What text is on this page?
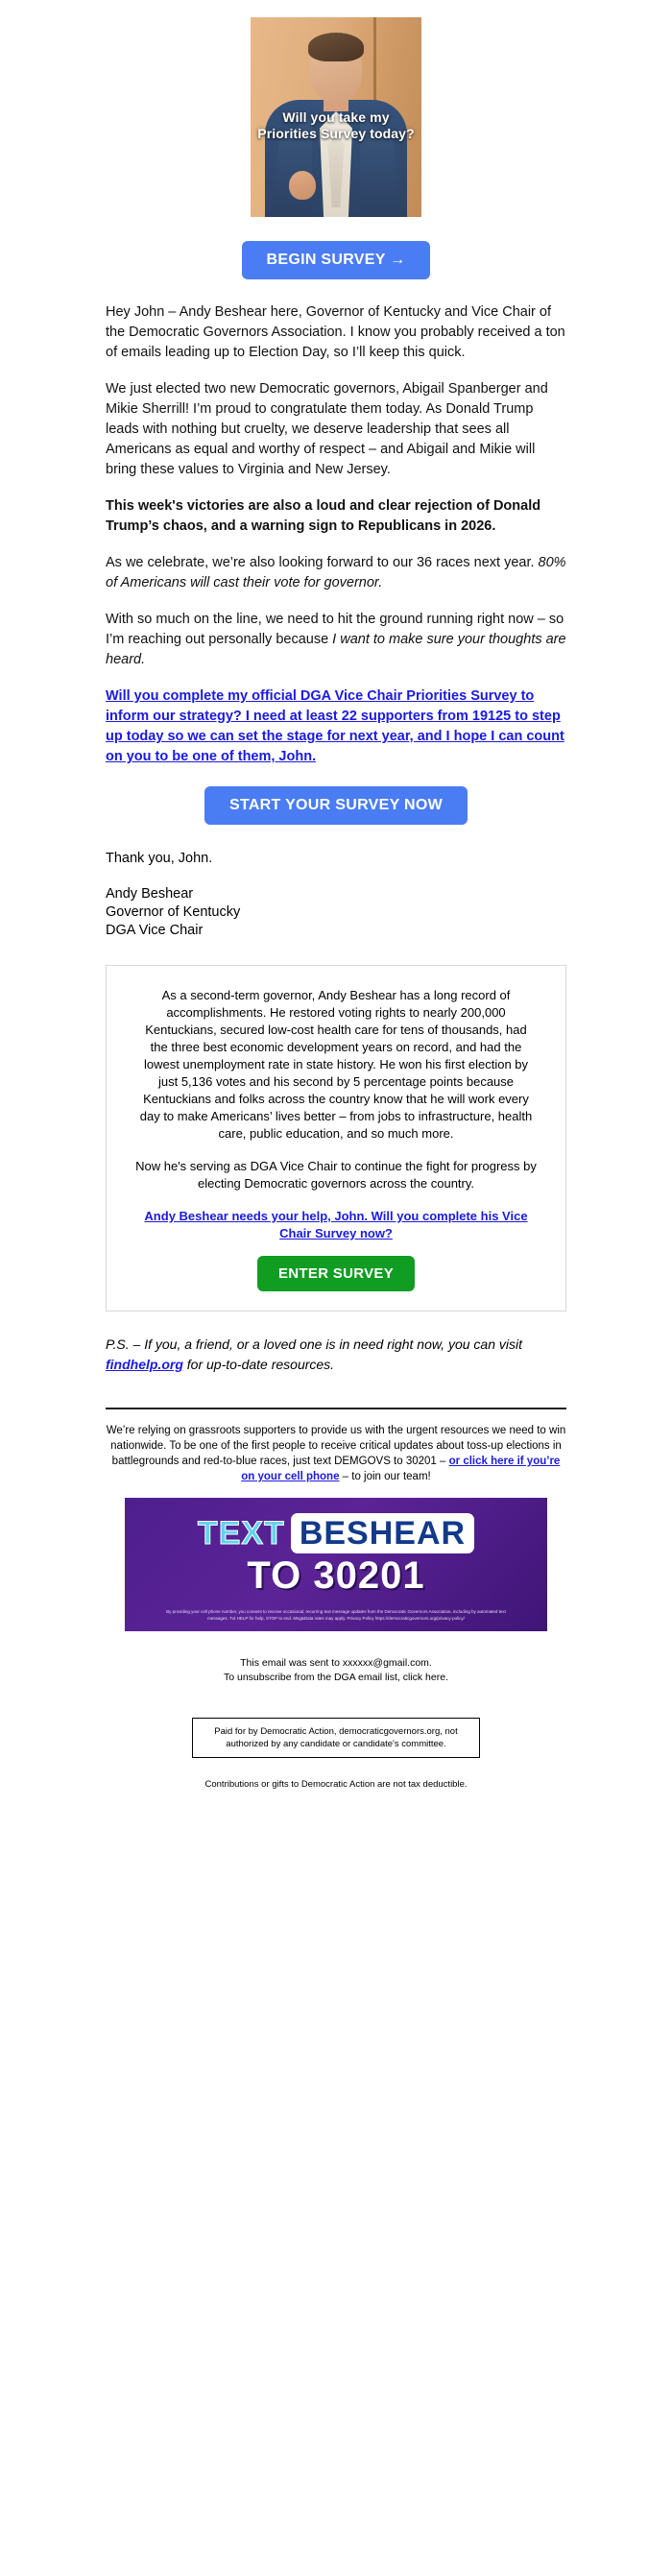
Will you take my
Priorities Survey today?
BEGIN SURVEY →

Hey John – Andy Beshear here, Governor of Kentucky and Vice Chair of the Democratic Governors Association. I know you probably received a ton of emails leading up to Election Day, so I’ll keep this quick.

We just elected two new Democratic governors, Abigail Spanberger and Mikie Sherrill! I’m proud to congratulate them today. As Donald Trump leads with nothing but cruelty, we deserve leadership that sees all Americans as equal and worthy of respect – and Abigail and Mikie will bring these values to Virginia and New Jersey.

This week's victories are also a loud and clear rejection of Donald Trump’s chaos, and a warning sign to Republicans in 2026.

As we celebrate, we’re also looking forward to our 36 races next year. 80% of Americans will cast their vote for governor.

With so much on the line, we need to hit the ground running right now – so I’m reaching out personally because I want to make sure your thoughts are heard.

Will you complete my official DGA Vice Chair Priorities Survey to inform our strategy? I need at least 22 supporters from 19125 to step up today so we can set the stage for next year, and I hope I can count on you to be one of them, John.
START YOUR SURVEY NOW

Thank you, John.

Andy Beshear

Governor of Kentucky

DGA Vice Chair

As a second-term governor, Andy Beshear has a long record of accomplishments. He restored voting rights to nearly 200,000 Kentuckians, secured low-cost health care for tens of thousands, had the three best economic development years on record, and had the lowest unemployment rate in state history. He won his first election by just 5,136 votes and his second by 5 percentage points because Kentuckians and folks across the country know that he will work every day to make Americans’ lives better – from jobs to infrastructure, health care, public education, and so much more.

Now he's serving as DGA Vice Chair to continue the fight for progress by electing Democratic governors across the country.

Andy Beshear needs your help, John. Will you complete his Vice Chair Survey now?
ENTER SURVEY

P.S. – If you, a friend, or a loved one is in need right now, you can visit findhelp.org for up-to-date resources.

We’re relying on grassroots supporters to provide us with the urgent resources we need to win nationwide. To be one of the first people to receive critical updates about toss-up elections in battlegrounds and red-to-blue races, just text DEMGOVS to 30201 – or click here if you’re on your cell phone – to join our team!

TEXT BESHEAR
TO 30201
By providing your cell phone number, you consent to receive occasional, recurring text message updates from the Democratic Governors Association, including by automated text messages. Txt HELP for help, STOP to end. Msg&Data rates may apply. Privacy Policy https://democraticgovernors.org/privacy-policy/

This email was sent to xxxxxx@gmail.com.

To unsubscribe from the DGA email list, click here.

Paid for by Democratic Action, democraticgovernors.org, not authorized by any candidate or candidate's committee.

Contributions or gifts to Democratic Action are not tax deductible.
